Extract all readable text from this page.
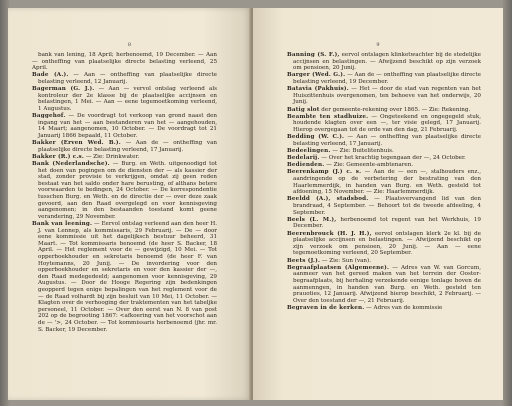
8
bank van lening, 18 April; herbenoemd, 19 December. — Aan — ontheffing van plaatselijke directe belasting verleend, 25 April.
Bade (A.). — Aan — ontheffing van plaatselijke directe belasting verleend, 12 Januarij.
Bagerman (G. J.). — Aan — vervol ontslag verleend als kontroleur der 2e klasse bij de plaatselijke accijnsen en belastingen, 1 Mei. — Aan — eene tegemoetkoming verleend, 1 Augustus.
Baggehof. — De voordragt tot verkoop van grond naast den ingang van het — aan bestanderen van het — aangehouden, 14 Maart; aangenomen, 10 October. — De voordragt tot 21 Januarij 1866 bepaald, 11 October.
Bakker (Erven Wed. B.). — Aan de — ontheffing van plaatselijke directe belasting verleend, 17 Januarij.
Bakker (R.) c.s. — Zie: Drinkwater.
Bank (Nederlandsche). — Burg. en Weth. uitgenoodigd tot het doen van pogingen om de diensten der — als kassier der stad, zonder provisie te verkrijgen, omdat zij geen reden bestaat van het saldo onder hare berusting, of althans betere voorwaarden te bedingen, 24 October. — De korrespondentie tusschen Burg. en Weth. en de directie der — over deze zaak gevoerd, aan den Raad overgelegd en voor kennisgeving aangenomen; in den bestaanden toestand komt geene verandering, 29 November.
Bank van leening. — Eervol ontslag verleend aan den heer H. J. van Lennep, als kommissaris, 29 Februarij. — De — door eene kommissie uit het dagelijksch bestuur beheerd, 31 Maart. — Tot kommissaris benoemd (de heer S. Backer, 18 April. — Het reglement voor de — gewijzigd, 10 Mei. — Tot opperboekhouder en sekretaris benoemd (de heer F. van Hoytemanns, 20 Junij. — De invordering voor den opperboekhouder en sekretaris en voor den kassier der —, den Raad medegedeeld; aangenomen voor kennisgeving, 29 Augustus. — Door de Hooge Regering zijn bedenkingen geopperd tegen enige bepalingen van het reglement voor de — de Raad volhardt bij zijn besluit van 10 Mei, 11 October. — Klagten over de verhooging der traktementen van het tabeljke personeel, 11 October. — Over den eerst van N. 8 van post 202 op de begrooting 1867: <afkoering van het voorschot aan de — '>, 24 October. — Tot kommissaris herbenoemd (jhr. mr. S. Backer, 19 December.
9
Banning (S. F.), eervol ontslagen klinketwachter bij de stedelijke accijnsen en belastingen. — Afwijzend beschikt op zijn verzoek om pensioen, 20 Junij.
Barger (Wed. G.). — Aan de — ontheffing van plaatselijke directe belasting verleend, 19 December.
Batavia (Pakhuis). — Het — door de stad van regenten van het Huiszittenhuis overgenomen, ten behoeve van het onderwijs, 20 Junij.
Batig slot der gemeente-rekening over 1865. — Zie: Rekening.
Beambte ten stadhuize. — Ongeteekend en ongegegeld stuk, houdende klagten over een —, ter visie gelegd, 17 Januarij. Hierop overgegaan tot de orde van den dag, 21 Februarij.
Bedding (W. C.). — Aan — ontheffing van plaatselijke directe belasting verleend, 17 Januarij.
Bedeelingen. — Zie: Buitelitenhuis.
Bedelarij. — Over het krachtig tegengaan der —, 24 October.
Bedienden. — Zie: Gemeente-ambtenaren.
Beerenkamp (J.) c. s. — Aan de — een —, stalhouders enz., aandringende op de verbetering der bestrating van den Haarlemmerdijk, in handen van Burg. en Weth. gesteld tot afdoening, 15 November. — Zie: Haarlemmerdijk.
Beeldd (A.), stadsbod. — Plaatsvervangend lid van den brandraad, 4 September. — Behoort tot de tweede afdeeling, 4 September.
Beels (L. M.), herbenoemd tot regent van het Werkhuis, 19 December.
Beerenbrouck (H. J. H.), eervol ontslagen klerk 2e kl. bij de plaatselijke accijnsen en belastingen. — Afwijzend beschikt op zijn verzoek om pensioen, 20 Junij. — Aan — eene tegemoetkoming verleend, 20 September.
Beets (J.). — Zie: Sun (van).
Begraafplaatsen (Algemeene). — Adres van W. van Gorcum, aanmeer van het gereed maken van het terrein der Ooster-begraafplaats, bij herhaling verzekende eenige tonlage boven de aanmenngen, in handen van Burg. en Weth. gesteld ten prauoties, 12 Januarij. Afwijzend hierop beschikt, 2 Februarij. — Over den toestand der —, 21 Februarij.
Begraven in de kerken. — Adres van de kommissie
